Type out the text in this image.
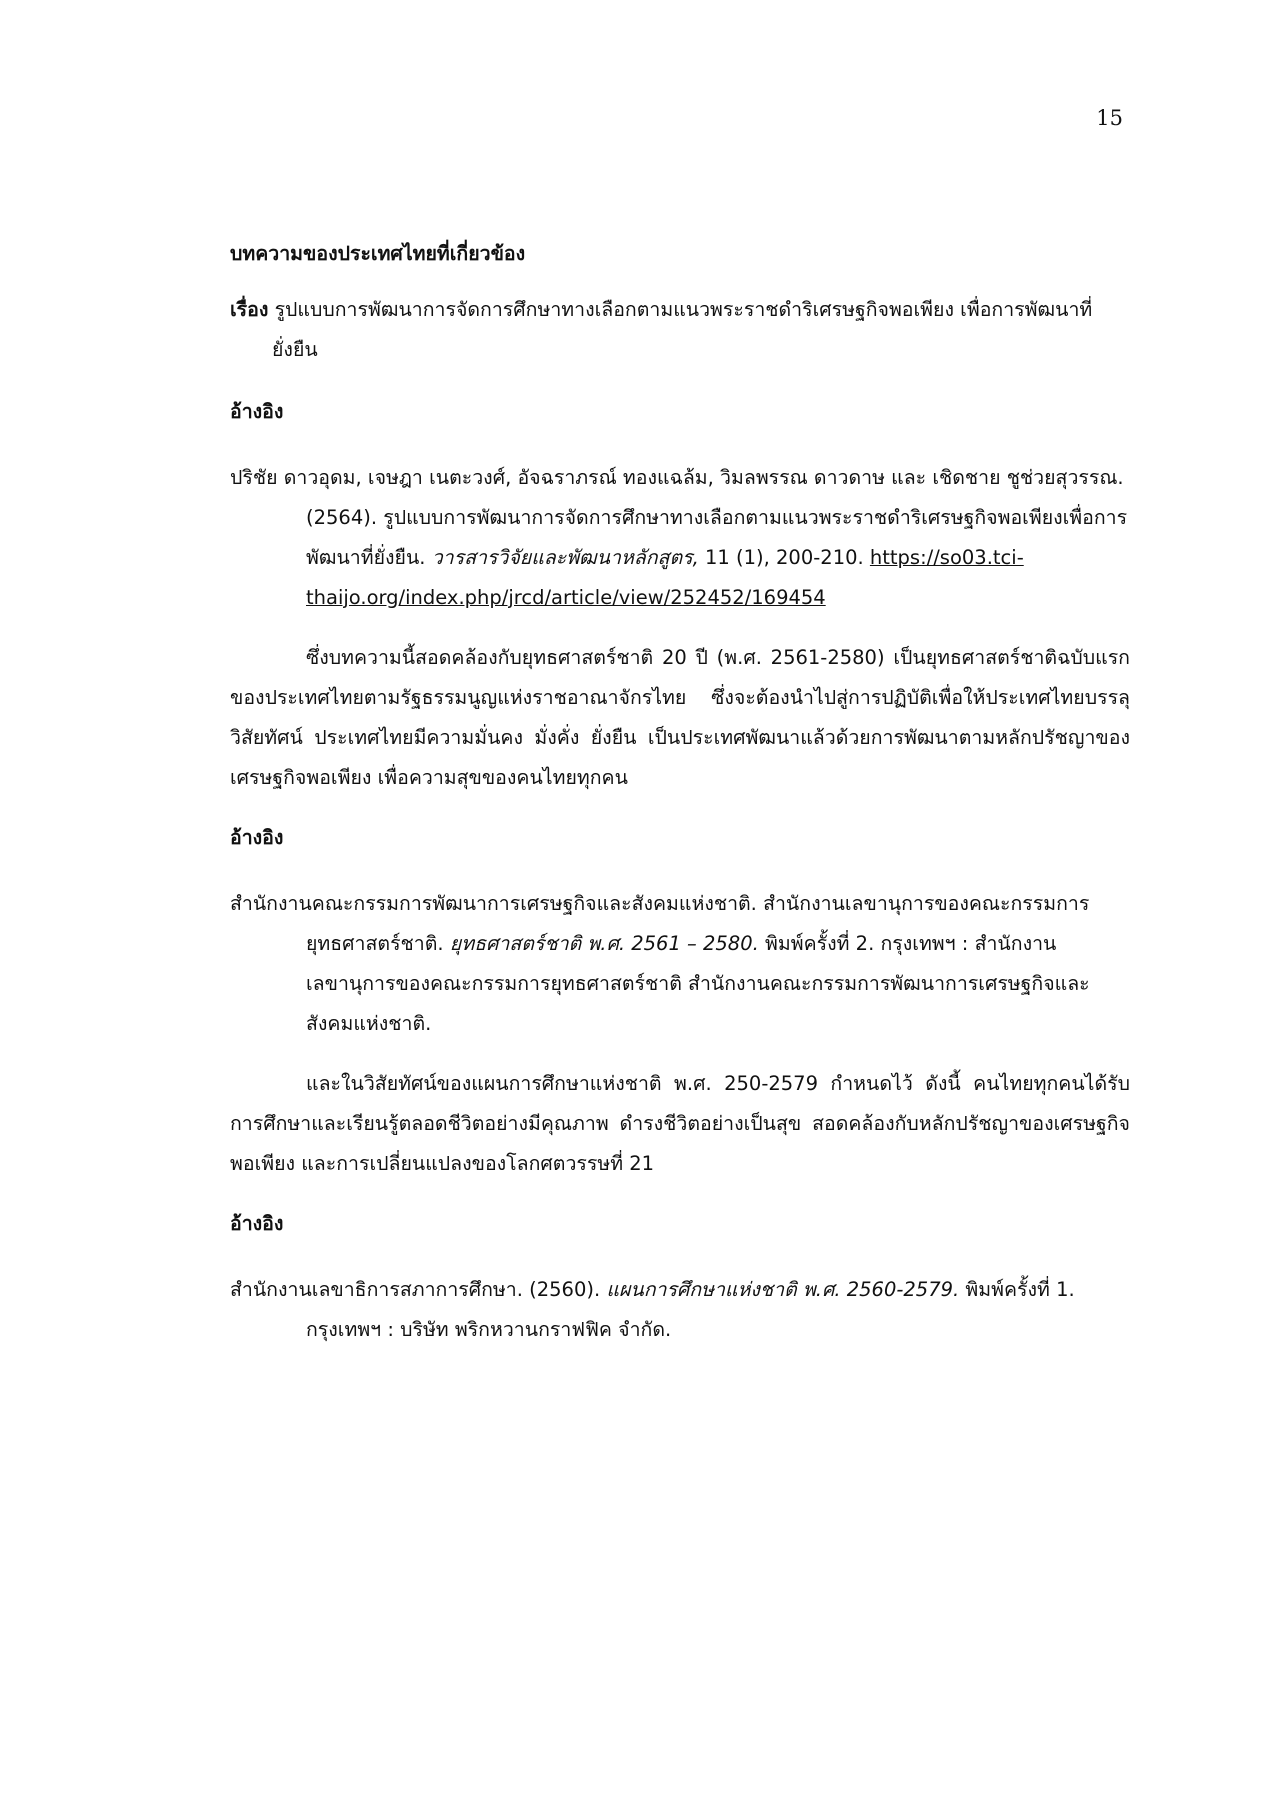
15

บทความของประเทศไทยที่เกี่ยวข้อง

เรื่อง รูปแบบการพัฒนาการจัดการศึกษาทางเลือกตามแนวพระราชดำริเศรษฐกิจพอเพียง เพื่อการพัฒนาที่ยั่งยืน

อ้างอิง

ปริชัย ดาวอุดม, เจษฎา เนตะวงศ์, อัจฉราภรณ์ ทองแฉล้ม, วิมลพรรณ ดาวดาษ และ เชิดชาย ชูช่วยสุวรรณ. (2564). รูปแบบการพัฒนาการจัดการศึกษาทางเลือกตามแนวพระราชดำริเศรษฐกิจพอเพียงเพื่อการพัฒนาที่ยั่งยืน. วารสารวิจัยและพัฒนาหลักสูตร, 11 (1), 200-210. https://so03.tci-thaijo.org/index.php/jrcd/article/view/252452/169454

ซึ่งบทความนี้สอดคล้องกับยุทธศาสตร์ชาติ 20 ปี (พ.ศ. 2561-2580) เป็นยุทธศาสตร์ชาติฉบับแรกของประเทศไทยตามรัฐธรรมนูญแห่งราชอาณาจักรไทย ซึ่งจะต้องนำไปสู่การปฏิบัติเพื่อให้ประเทศไทยบรรลุวิสัยทัศน์ ประเทศไทยมีความมั่นคง มั่งคั่ง ยั่งยืน เป็นประเทศพัฒนาแล้วด้วยการพัฒนาตามหลักปรัชญาของเศรษฐกิจพอเพียง เพื่อความสุขของคนไทยทุกคน

อ้างอิง

สำนักงานคณะกรรมการพัฒนาการเศรษฐกิจและสังคมแห่งชาติ. สำนักงานเลขานุการของคณะกรรมการยุทธศาสตร์ชาติ. ยุทธศาสตร์ชาติ พ.ศ. 2561 – 2580. พิมพ์ครั้งที่ 2. กรุงเทพฯ : สำนักงานเลขานุการของคณะกรรมการยุทธศาสตร์ชาติ สำนักงานคณะกรรมการพัฒนาการเศรษฐกิจและสังคมแห่งชาติ.

และในวิสัยทัศน์ของแผนการศึกษาแห่งชาติ พ.ศ. 250-2579 กำหนดไว้ ดังนี้ คนไทยทุกคนได้รับการศึกษาและเรียนรู้ตลอดชีวิตอย่างมีคุณภาพ ดำรงชีวิตอย่างเป็นสุข สอดคล้องกับหลักปรัชญาของเศรษฐกิจพอเพียง และการเปลี่ยนแปลงของโลกศตวรรษที่ 21

อ้างอิง

สำนักงานเลขาธิการสภาการศึกษา. (2560). แผนการศึกษาแห่งชาติ พ.ศ. 2560-2579. พิมพ์ครั้งที่ 1. กรุงเทพฯ : บริษัท พริกหวานกราฟฟิค จำกัด.
